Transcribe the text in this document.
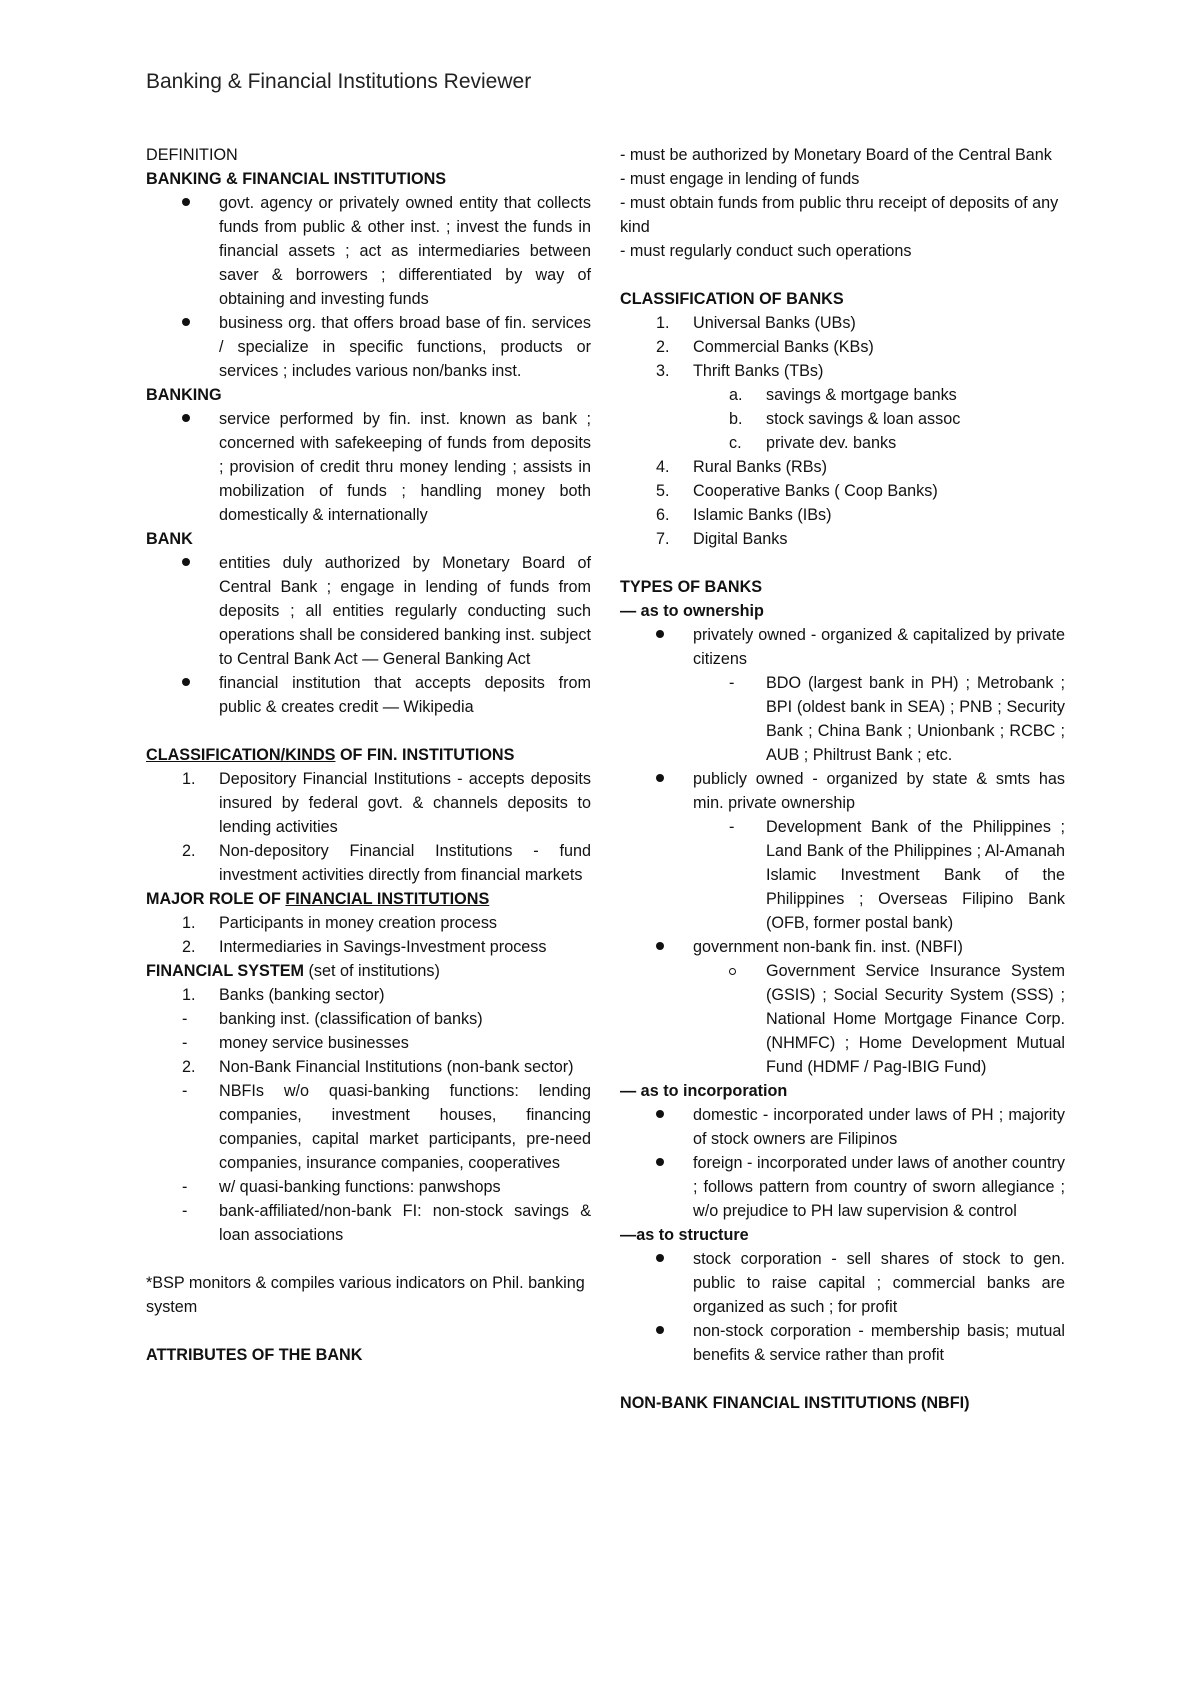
Banking & Financial Institutions Reviewer
DEFINITION
BANKING & FINANCIAL INSTITUTIONS
govt. agency or privately owned entity that collects funds from public & other inst. ; invest the funds in financial assets ; act as intermediaries between saver & borrowers ; differentiated by way of obtaining and investing funds
business org. that offers broad base of fin. services / specialize in specific functions, products or services ; includes various non/banks inst.
BANKING
service performed by fin. inst. known as bank ; concerned with safekeeping of funds from deposits ; provision of credit thru money lending ; assists in mobilization of funds ; handling money both domestically & internationally
BANK
entities duly authorized by Monetary Board of Central Bank ; engage in lending of funds from deposits ; all entities regularly conducting such operations shall be considered banking inst. subject to Central Bank Act — General Banking Act
financial institution that accepts deposits from public & creates credit — Wikipedia
CLASSIFICATION/KINDS OF FIN. INSTITUTIONS
1. Depository Financial Institutions - accepts deposits insured by federal govt. & channels deposits to lending activities
2. Non-depository Financial Institutions - fund investment activities directly from financial markets
MAJOR ROLE OF FINANCIAL INSTITUTIONS
1. Participants in money creation process
2. Intermediaries in Savings-Investment process
FINANCIAL SYSTEM (set of institutions)
1. Banks (banking sector)
- banking inst. (classification of banks)
- money service businesses
2. Non-Bank Financial Institutions (non-bank sector)
- NBFIs w/o quasi-banking functions: lending companies, investment houses, financing companies, capital market participants, pre-need companies, insurance companies, cooperatives
- w/ quasi-banking functions: panwshops
- bank-affiliated/non-bank FI: non-stock savings & loan associations
*BSP monitors & compiles various indicators on Phil. banking system
ATTRIBUTES OF THE BANK
- must be authorized by Monetary Board of the Central Bank
- must engage in lending of funds
- must obtain funds from public thru receipt of deposits of any kind
- must regularly conduct such operations
CLASSIFICATION OF BANKS
1. Universal Banks (UBs)
2. Commercial Banks (KBs)
3. Thrift Banks (TBs)
a. savings & mortgage banks
b. stock savings & loan assoc
c. private dev. banks
4. Rural Banks (RBs)
5. Cooperative Banks ( Coop Banks)
6. Islamic Banks (IBs)
7. Digital Banks
TYPES OF BANKS
— as to ownership
privately owned - organized & capitalized by private citizens
- BDO (largest bank in PH) ; Metrobank ; BPI (oldest bank in SEA) ; PNB ; Security Bank ; China Bank ; Unionbank ; RCBC ; AUB ; Philtrust Bank ; etc.
publicly owned - organized by state & smts has min. private ownership
- Development Bank of the Philippines ; Land Bank of the Philippines ; Al-Amanah Islamic Investment Bank of the Philippines ; Overseas Filipino Bank (OFB, former postal bank)
government non-bank fin. inst. (NBFI)
Government Service Insurance System (GSIS) ; Social Security System (SSS) ; National Home Mortgage Finance Corp. (NHMFC) ; Home Development Mutual Fund (HDMF / Pag-IBIG Fund)
— as to incorporation
domestic - incorporated under laws of PH ; majority of stock owners are Filipinos
foreign - incorporated under laws of another country ; follows pattern from country of sworn allegiance ; w/o prejudice to PH law supervision & control
—as to structure
stock corporation - sell shares of stock to gen. public to raise capital ; commercial banks are organized as such ; for profit
non-stock corporation - membership basis; mutual benefits & service rather than profit
NON-BANK FINANCIAL INSTITUTIONS (NBFI)
